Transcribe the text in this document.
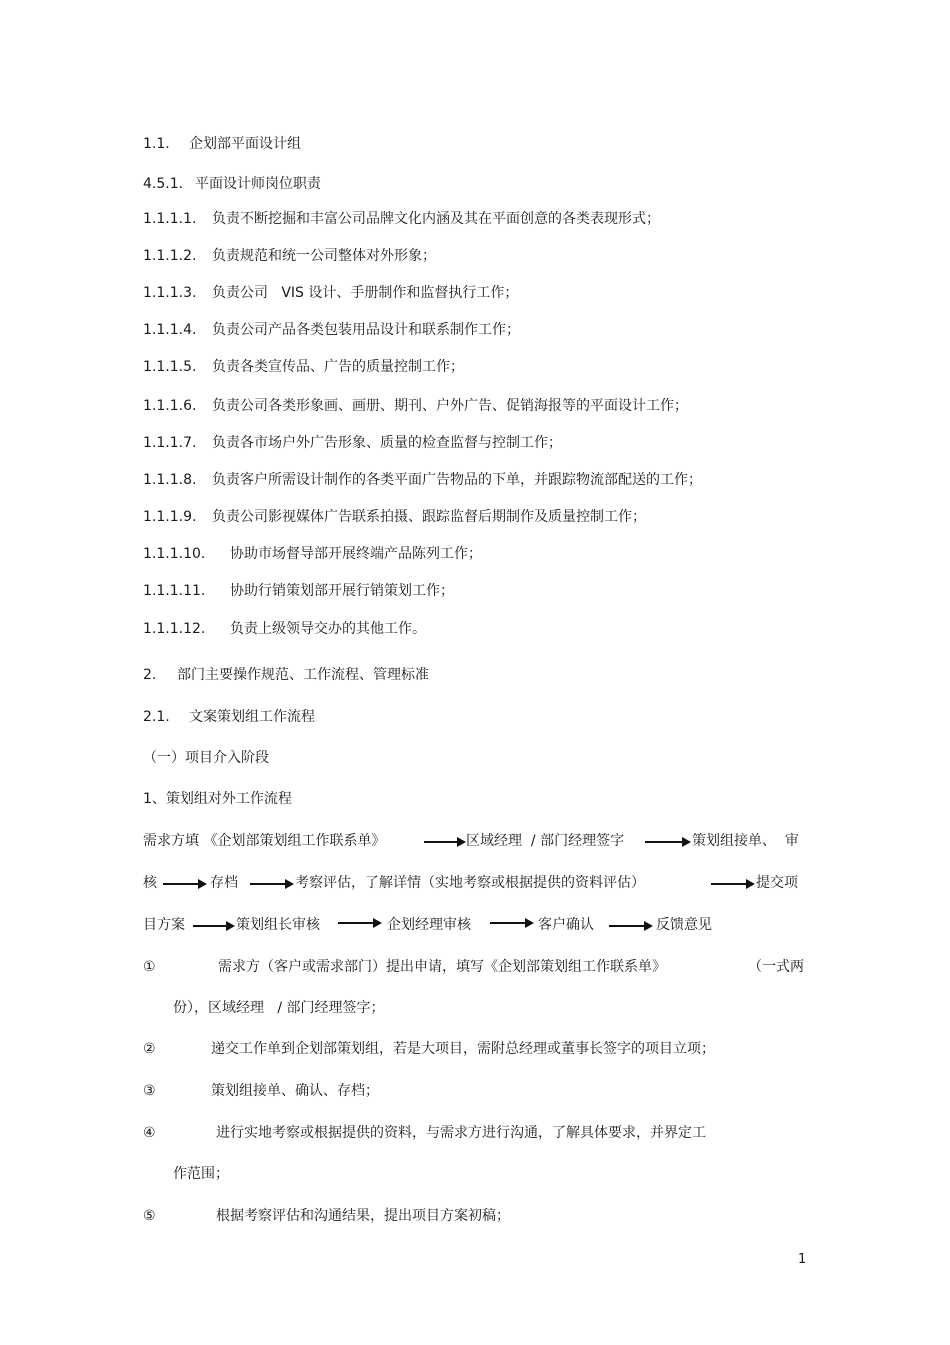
1.1. 企划部平面设计组
4.5.1. 平面设计师岗位职责
1.1.1.1. 负责不断挖掘和丰富公司品牌文化内涵及其在平面创意的各类表现形式；
1.1.1.2. 负责规范和统一公司整体对外形象；
1.1.1.3. 负责公司   VIS 设计、手册制作和监督执行工作；
1.1.1.4. 负责公司产品各类包装用品设计和联系制作工作；
1.1.1.5. 负责各类宣传品、广告的质量控制工作；
1.1.1.6. 负责公司各类形象画、画册、期刊、户外广告、促销海报等的平面设计工作；
1.1.1.7. 负责各市场户外广告形象、质量的检查监督与控制工作；
1.1.1.8. 负责客户所需设计制作的各类平面广告物品的下单，并跟踪物流部配送的工作；
1.1.1.9. 负责公司影视媒体广告联系拍摄、跟踪监督后期制作及质量控制工作；
1.1.1.10. 协助市场督导部开展终端产品陈列工作；
1.1.1.11. 协助行销策划部开展行销策划工作；
1.1.1.12. 负责上级领导交办的其他工作。
2. 部门主要操作规范、工作流程、管理标准
2.1. 文案策划组工作流程
（一）项目介入阶段
1、策划组对外工作流程
需求方填 《企划部策划组工作联系单》	区域经理  / 部门经理签字	策划组接单、  审
核	存档	考察评估，了解详情（实地考察或根据提供的资料评估）	提交项
目方案	策划组长审核	企划经理审核	客户确认	反馈意见
①	需求方（客户或需求部门）提出申请，填写《企划部策划组工作联系单》	（一式两
份），区域经理   / 部门经理签字；
②	递交工作单到企划部策划组，若是大项目，需附总经理或董事长签字的项目立项；
③	策划组接单、确认、存档；
④	进行实地考察或根据提供的资料，与需求方进行沟通，了解具体要求，并界定工
作范围；
⑤	根据考察评估和沟通结果，提出项目方案初稿；
1
